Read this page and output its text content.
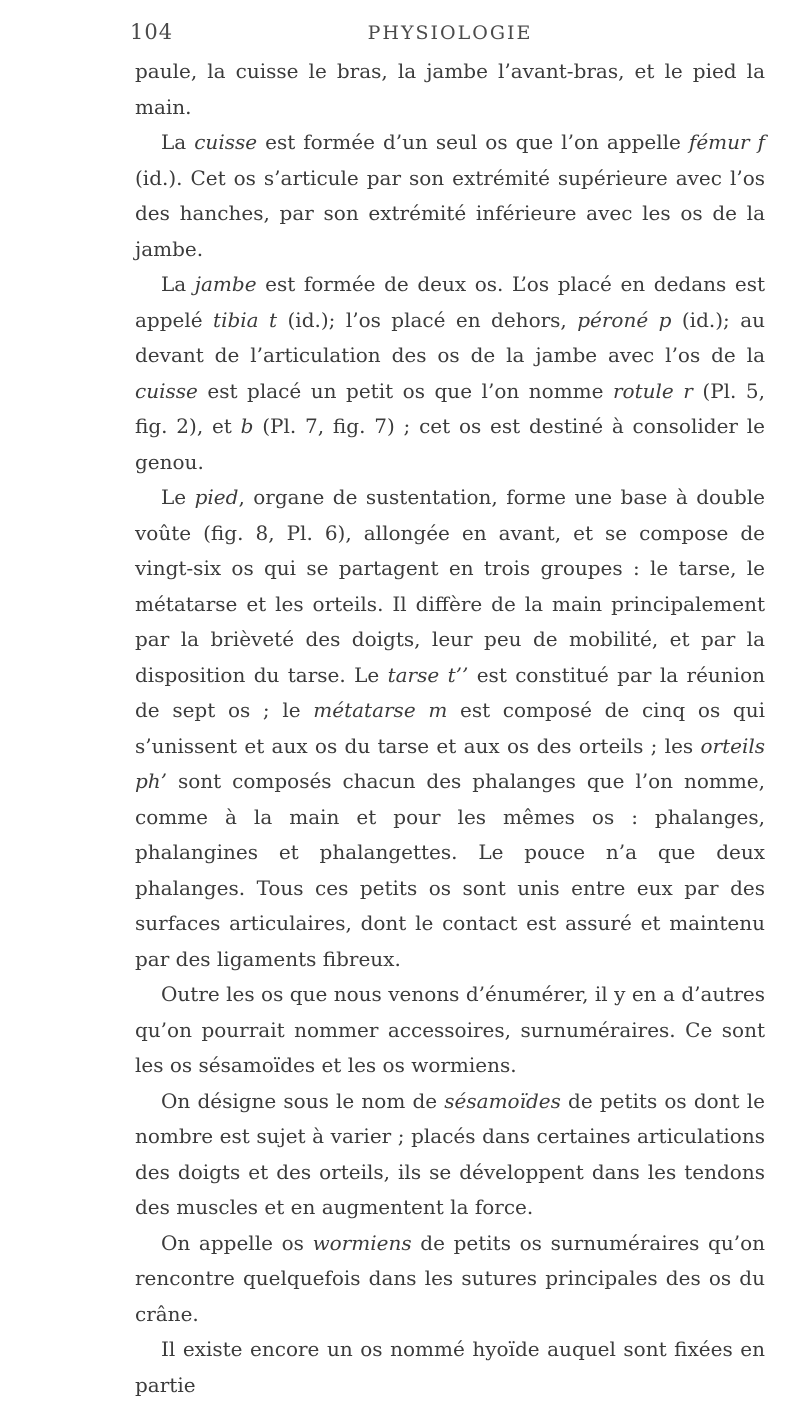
104	PHYSIOLOGIE

paule, la cuisse le bras, la jambe l’avant-bras, et le pied la main.

La cuisse est formée d’un seul os que l’on appelle fémur f (id.). Cet os s’articule par son extrémité supérieure avec l’os des hanches, par son extrémité inférieure avec les os de la jambe.

La jambe est formée de deux os. L’os placé en dedans est appelé tibia t (id.); l’os placé en dehors, péroné p (id.); au devant de l’articulation des os de la jambe avec l’os de la cuisse est placé un petit os que l’on nomme rotule r (Pl. 5, fig. 2), et b (Pl. 7, fig. 7) ; cet os est destiné à consolider le genou.

Le pied, organe de sustentation, forme une base à double voûte (fig. 8, Pl. 6), allongée en avant, et se compose de vingt-six os qui se partagent en trois groupes : le tarse, le métatarse et les orteils. Il diffère de la main principalement par la brièveté des doigts, leur peu de mobilité, et par la disposition du tarse. Le tarse t’’ est constitué par la réunion de sept os ; le métatarse m est composé de cinq os qui s’unissent et aux os du tarse et aux os des orteils ; les orteils ph’ sont composés chacun des phalanges que l’on nomme, comme à la main et pour les mêmes os : phalanges, phalangines et phalangettes. Le pouce n’a que deux phalanges. Tous ces petits os sont unis entre eux par des surfaces articulaires, dont le contact est assuré et maintenu par des ligaments fibreux.

Outre les os que nous venons d’énumérer, il y en a d’autres qu’on pourrait nommer accessoires, surnuméraires. Ce sont les os sésamoïdes et les os wormiens.

On désigne sous le nom de sésamoïdes de petits os dont le nombre est sujet à varier ; placés dans certaines articulations des doigts et des orteils, ils se développent dans les tendons des muscles et en augmentent la force.

On appelle os wormiens de petits os surnuméraires qu’on rencontre quelquefois dans les sutures principales des os du crâne.

Il existe encore un os nommé hyoïde auquel sont fixées en partie
